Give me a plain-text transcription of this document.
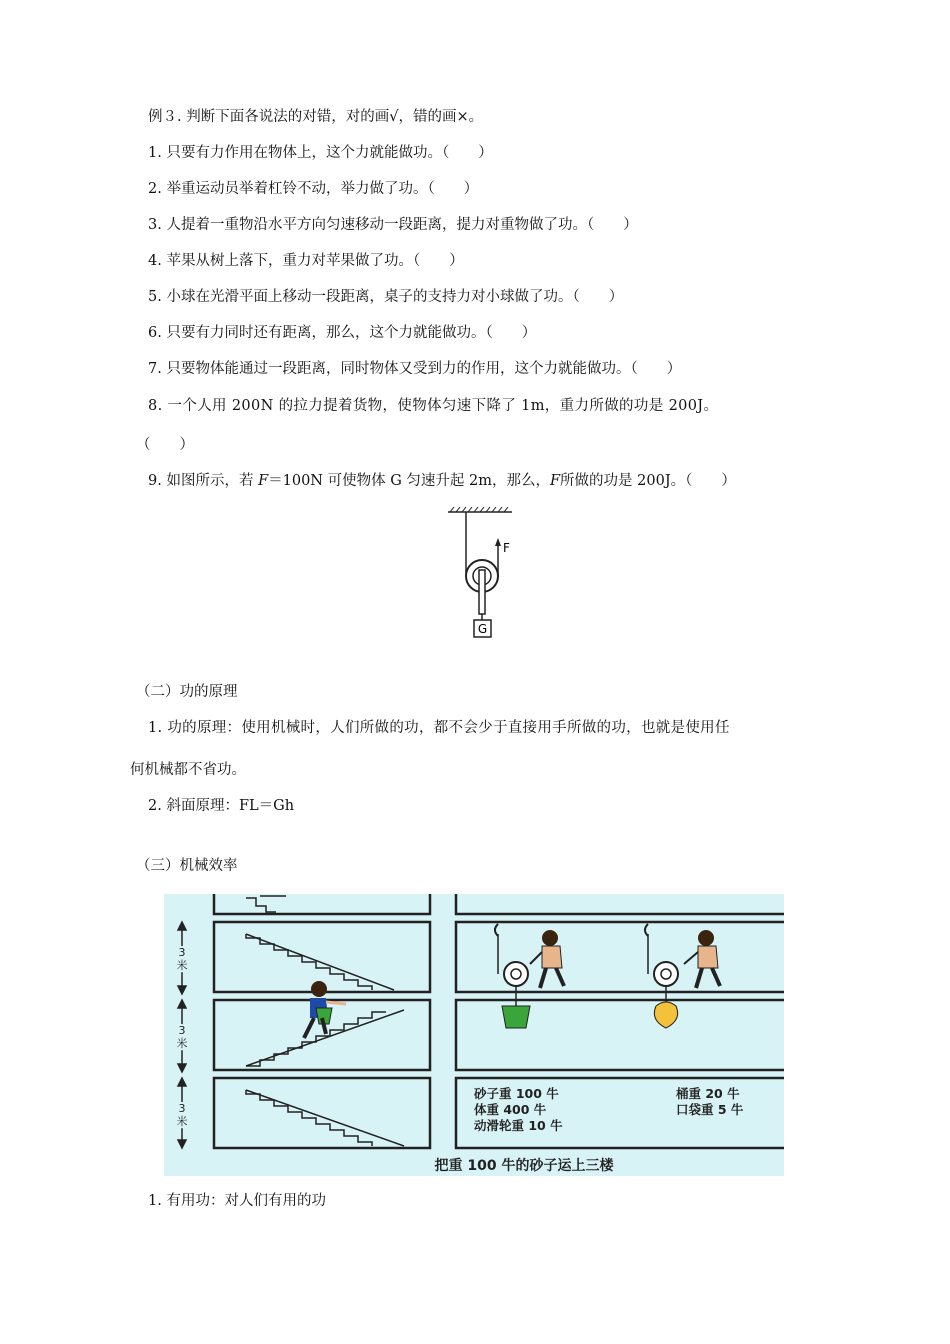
例３. 判断下面各说法的对错，对的画√，错的画×。
1. 只要有力作用在物体上，这个力就能做功。（　　）
2. 举重运动员举着杠铃不动，举力做了功。（　　）
3. 人提着一重物沿水平方向匀速移动一段距离，提力对重物做了功。（　　）
4. 苹果从树上落下，重力对苹果做了功。（　　）
5. 小球在光滑平面上移动一段距离，桌子的支持力对小球做了功。（　　）
6. 只要有力同时还有距离，那么，这个力就能做功。（　　）
7. 只要物体能通过一段距离，同时物体又受到力的作用，这个力就能做功。（　　）
8. 一个人用 200N 的拉力提着货物，使物体匀速下降了 1m，重力所做的功是 200J。
（　　）
9. 如图所示，若 F＝100N 可使物体 G 匀速升起 2m，那么，F所做的功是 200J。（　　）
F
G
（二）功的原理
1. 功的原理：使用机械时，人们所做的功，都不会少于直接用手所做的功，也就是使用任
何机械都不省功。
2. 斜面原理：FL＝Gh
（三）机械效率
3
米
3
米
3
米
砂子重 100 牛
体重 400 牛
动滑轮重 10 牛
桶重 20 牛
口袋重 5 牛
把重 100 牛的砂子运上三楼
1. 有用功：对人们有用的功
